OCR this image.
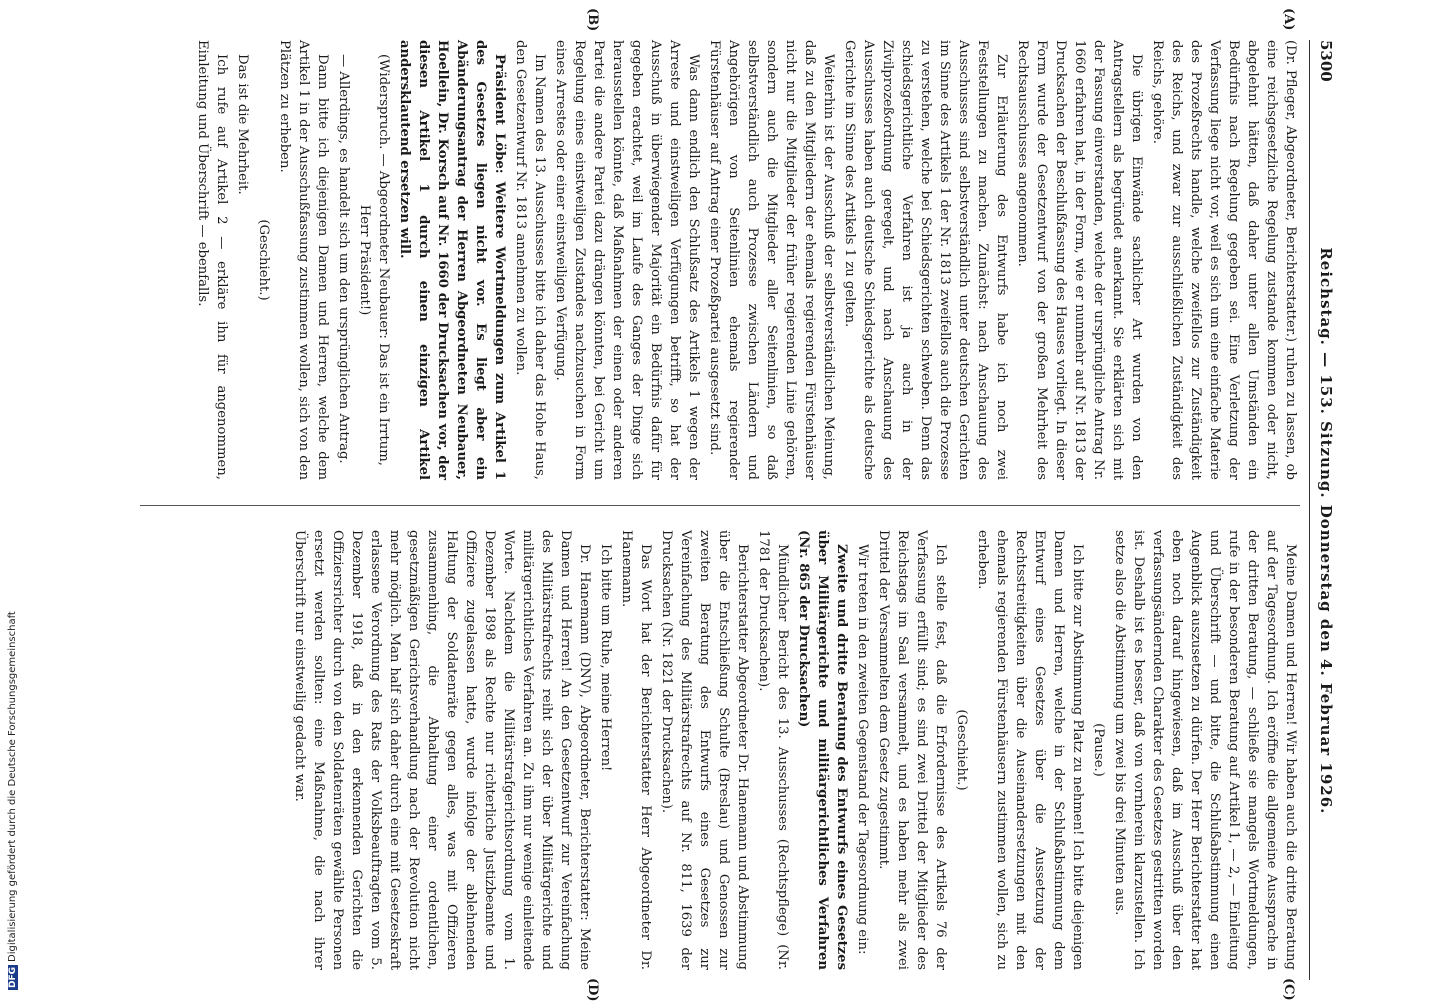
5300
Reichstag. — 153. Sitzung. Donnerstag den 4. Februar 1926.
(A)
(B)
(C)
(D)

(Dr. Pfleger, Abgeordneter, Berichterstatter.) ruhen zu lassen, ob eine reichsgesetzliche Regelung zustande kommen oder nicht, abgelehnt hätten, daß daher unter allen Umständen ein Bedürfnis nach Regelung gegeben sei. Eine Verletzung der Verfassung liege nicht vor, weil es sich um eine einfache Materie des Prozeßrechts handle, welche zweifellos zur Zuständigkeit des Reichs, und zwar zur ausschließlichen Zuständigkeit des Reichs, gehöre.

Die übrigen Einwände sachlicher Art wurden von den Antragstellern als begründet anerkannt. Sie erklärten sich mit der Fassung einverstanden, welche der ursprüngliche Antrag Nr. 1660 erfahren hat, in der Form, wie er nunmehr auf Nr. 1813 der Drucksachen der Beschlußfassung des Hauses vorliegt. In dieser Form wurde der Gesetzentwurf von der großen Mehrheit des Rechtsausschusses angenommen.

Zur Erläuterung des Entwurfs habe ich noch zwei Feststellungen zu machen. Zunächst: nach Anschauung des Ausschusses sind selbstverständlich unter deutschen Gerichten im Sinne des Artikels 1 der Nr. 1813 zweifellos auch die Prozesse zu verstehen, welche bei Schiedsgerichten schweben. Denn das schiedsgerichtliche Verfahren ist ja auch in der Zivilprozeßordnung geregelt, und nach Anschauung des Ausschusses haben auch deutsche Schiedsgerichte als deutsche Gerichte im Sinne des Artikels 1 zu gelten.

Weiterhin ist der Ausschuß der selbstverständlichen Meinung, daß zu den Mitgliedern der ehemals regierenden Fürstenhäuser nicht nur die Mitglieder der früher regierenden Linie gehören, sondern auch die Mitglieder aller Seitenlinien, so daß selbstverständlich auch Prozesse zwischen Ländern und Angehörigen von Seitenlinien ehemals regierender Fürstenhäuser auf Antrag einer Prozeßpartei ausgesetzt sind.

Was dann endlich den Schlußsatz des Artikels 1 wegen der Arreste und einstweiligen Verfügungen betrifft, so hat der Ausschuß in überwiegender Majorität ein Bedürfnis dafür für gegeben erachtet, weil im Laufe des Ganges der Dinge sich herausstellen könnte, daß Maßnahmen der einen oder anderen Partei die andere Partei dazu drängen könnten, bei Gericht um Regelung eines einstweiligen Zustandes nachzusuchen in Form eines Arrestes oder einer einstweiligen Verfügung.

Im Namen des 13. Ausschusses bitte ich daher das Hohe Haus, den Gesetzentwurf Nr. 1813 annehmen zu wollen.

Präsident Löbe: Weitere Wortmeldungen zum Artikel 1 des Gesetzes liegen nicht vor. Es liegt aber ein Abänderungsantrag der Herren Abgeordneten Neubauer, Hoellein, Dr. Korsch auf Nr. 1660 der Drucksachen vor, der diesen Artikel 1 durch einen einzigen Artikel andersklautend ersetzen will.

(Widerspruch. — Abgeordneter Neubauer: Das ist ein Irrtum, Herr Präsident!)

— Allerdings, es handelt sich um den ursprünglichen Antrag.

Dann bitte ich diejenigen Damen und Herren, welche dem Artikel 1 in der Ausschußfassung zustimmen wollen, sich von den Plätzen zu erheben.

(Geschieht.)

Das ist die Mehrheit.

Ich rufe auf Artikel 2 — erkläre ihn für angenommen, Einleitung und Überschrift — ebenfalls.

Meine Damen und Herren! Wir haben auch die dritte Beratung auf der Tagesordnung. Ich eröffne die allgemeine Aussprache in der dritten Beratung, — schließe sie mangels Wortmeldungen, rufe in der besonderen Beratung auf Artikel 1, — 2, — Einleitung und Überschrift — und bitte, die Schlußabstimmung einen Augenblick auszusetzen zu dürfen. Der Herr Berichterstatter hat eben noch darauf hingewiesen, daß im Ausschuß über den verfassungsändernden Charakter des Gesetzes gestritten worden ist. Deshalb ist es besser, daß von vornherein klarzustellen. Ich setze also die Abstimmung um zwei bis drei Minuten aus.

(Pause.)

Ich bitte zur Abstimmung Platz zu nehmen! Ich bitte diejenigen Damen und Herren, welche in der Schlußabstimmung dem Entwurf eines Gesetzes über die Aussetzung der Rechtsstreitigkeiten über die Auseinandersetzungen mit den ehemals regierenden Fürstenhäusern zustimmen wollen, sich zu erheben.

(Geschieht.)

Ich stelle fest, daß die Erfordernisse des Artikels 76 der Verfassung erfüllt sind; es sind zwei Drittel der Mitglieder des Reichstags im Saal versammelt, und es haben mehr als zwei Drittel der Versammelten dem Gesetz zugestimmt.

Wir treten in den zweiten Gegenstand der Tagesordnung ein:

Zweite und dritte Beratung des Entwurfs eines Gesetzes über Militärgerichte und militärgerichtliches Verfahren (Nr. 865 der Drucksachen)

Mündlicher Bericht des 13. Ausschusses (Rechtspflege) (Nr. 1781 der Drucksachen).

Berichterstatter Abgeordneter Dr. Hanemann und Abstimmung über die Entschließung Schulte (Breslau) und Genossen zur zweiten Beratung des Entwurfs eines Gesetzes zur Vereinfachung des Militärstrafrechts auf Nr. 811, 1639 der Drucksachen (Nr. 1821 der Drucksachen).

Das Wort hat der Berichterstatter Herr Abgeordneter Dr. Hanemann.

Ich bitte um Ruhe, meine Herren!

Dr. Hanemann (DNV), Abgeordneter, Berichterstatter: Meine Damen und Herren! An den Gesetzentwurf zur Vereinfachung des Militärstrafrechts reiht sich der über Militärgerichte und militärgerichtliches Verfahren an. Zu ihm nur wenige einleitende Worte. Nachdem die Militärstrafgerichtsordnung vom 1. Dezember 1898 als Rechte nur richterliche Justizbeamte und Offiziere zugelassen hatte, wurde infolge der ablehnenden Haltung der Soldatenräte gegen alles, was mit Offizieren zusammenhing, die Abhaltung einer ordentlichen, gesetzmäßigen Gerichtsverhandlung nach der Revolution nicht mehr möglich. Man half sich daher durch eine mit Gesetzeskraft erlassene Verordnung des Rats der Volksbeauftragten vom 5. Dezember 1918, daß in den erkennenden Gerichten die Offiziersrichter durch von den Soldatenräten gewählte Personen ersetzt werden sollten: eine Maßnahme, die nach ihrer Überschrift nur einstweilig gedacht war.

DFGDigitalisierung gefördert durch die Deutsche Forschungsgemeinschaft
